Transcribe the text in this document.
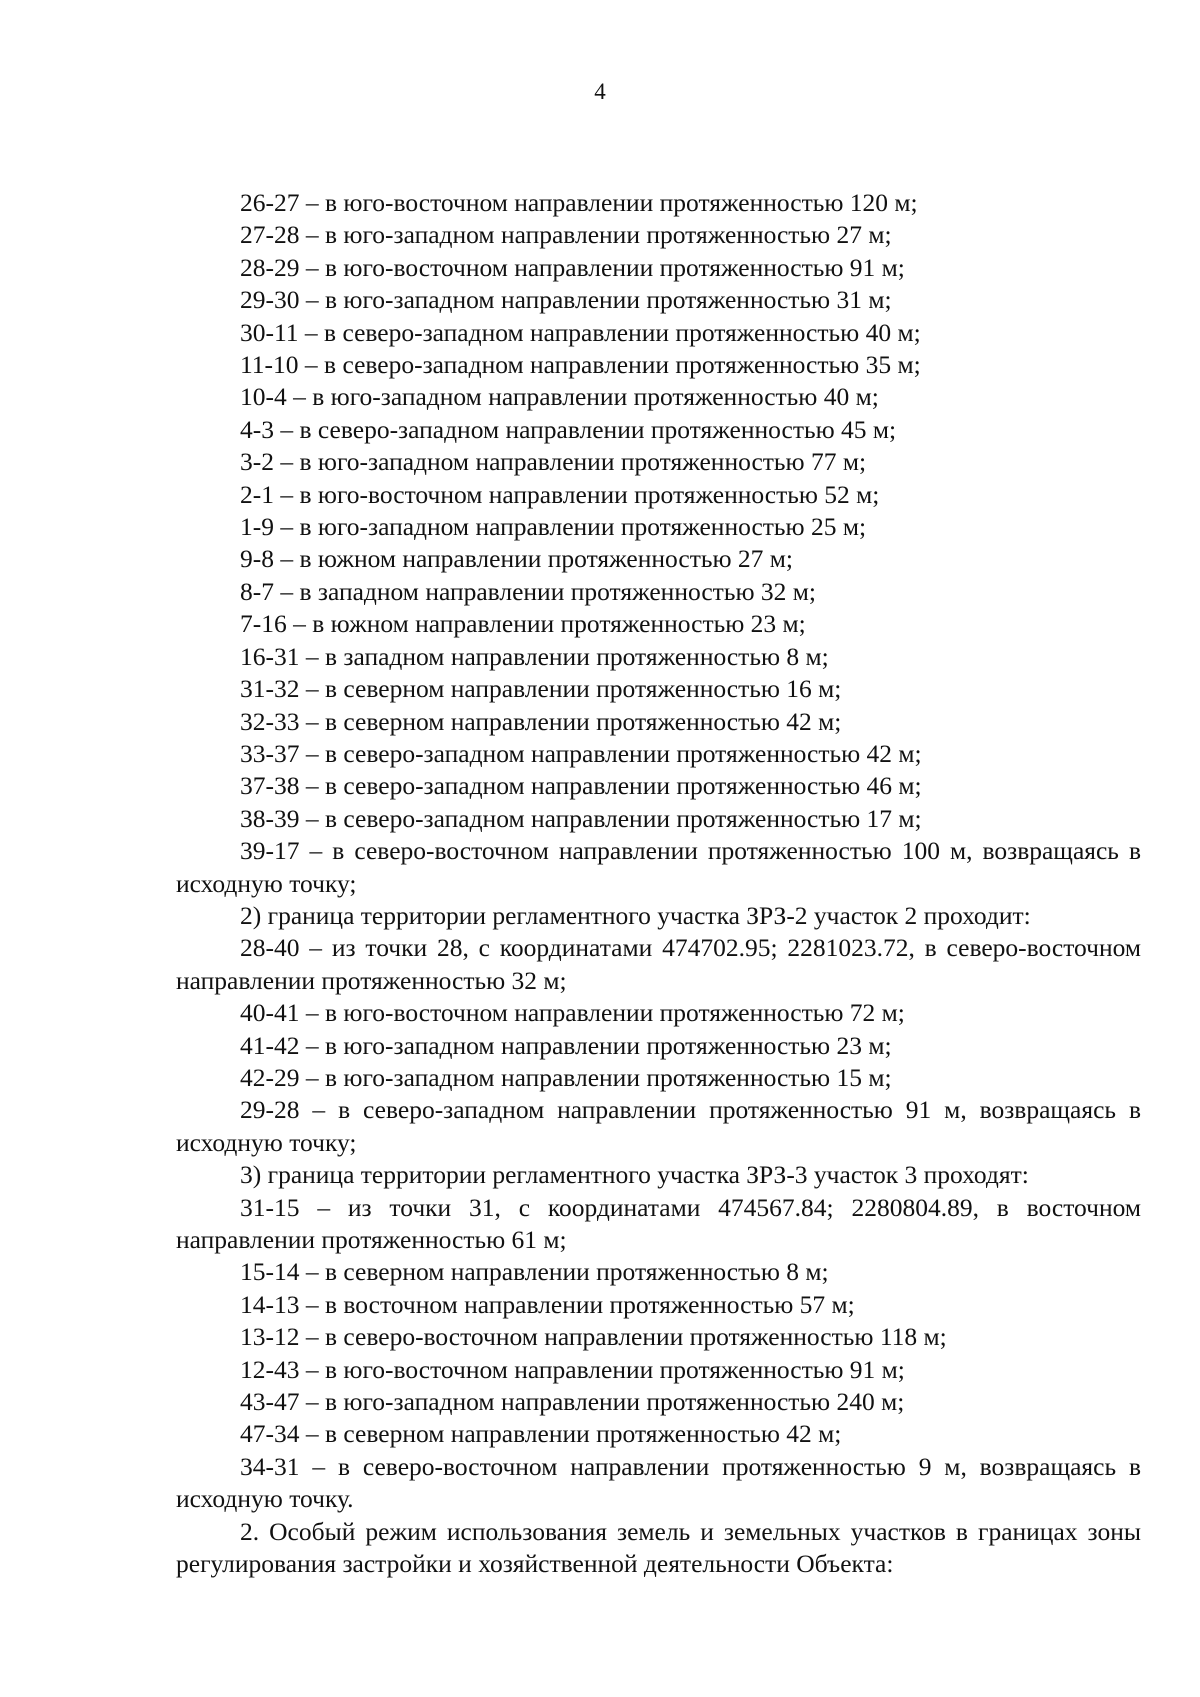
4

26-27 – в юго-восточном направлении протяженностью 120 м;

27-28 – в юго-западном направлении протяженностью 27 м;

28-29 – в юго-восточном направлении протяженностью 91 м;

29-30 – в юго-западном направлении протяженностью 31 м;

30-11 – в северо-западном направлении протяженностью 40 м;

11-10 – в северо-западном направлении протяженностью 35 м;

10-4 – в юго-западном направлении протяженностью 40 м;

4-3 – в северо-западном направлении протяженностью 45 м;

3-2 – в юго-западном направлении протяженностью 77 м;

2-1 – в юго-восточном направлении протяженностью 52 м;

1-9 – в юго-западном направлении протяженностью 25 м;

9-8 – в южном направлении протяженностью 27 м;

8-7 – в западном направлении протяженностью 32 м;

7-16 – в южном направлении протяженностью 23 м;

16-31 – в западном направлении протяженностью 8 м;

31-32 – в северном направлении протяженностью 16 м;

32-33 – в северном направлении протяженностью 42 м;

33-37 – в северо-западном направлении протяженностью 42 м;

37-38 – в северо-западном направлении протяженностью 46 м;

38-39 – в северо-западном направлении протяженностью 17 м;

39-17 – в северо-восточном направлении протяженностью 100 м, возвращаясь в исходную точку;

2) граница территории регламентного участка ЗРЗ-2 участок 2 проходит:

28-40 – из точки 28, с координатами 474702.95; 2281023.72, в северо-восточном направлении протяженностью 32 м;

40-41 – в юго-восточном направлении протяженностью 72 м;

41-42 – в юго-западном направлении протяженностью 23 м;

42-29 – в юго-западном направлении протяженностью 15 м;

29-28 – в северо-западном направлении протяженностью 91 м, возвращаясь в исходную точку;

3) граница территории регламентного участка ЗРЗ-3 участок 3 проходят:

31-15 – из точки 31, с координатами 474567.84; 2280804.89, в восточном направлении протяженностью 61 м;

15-14 – в северном направлении протяженностью 8 м;

14-13 – в восточном направлении протяженностью 57 м;

13-12 – в северо-восточном направлении протяженностью 118 м;

12-43 – в юго-восточном направлении протяженностью 91 м;

43-47 – в юго-западном направлении протяженностью 240 м;

47-34 – в северном направлении протяженностью 42 м;

34-31 – в северо-восточном направлении протяженностью 9 м, возвращаясь в исходную точку.

2. Особый режим использования земель и земельных участков в границах зоны регулирования застройки и хозяйственной деятельности Объекта:
